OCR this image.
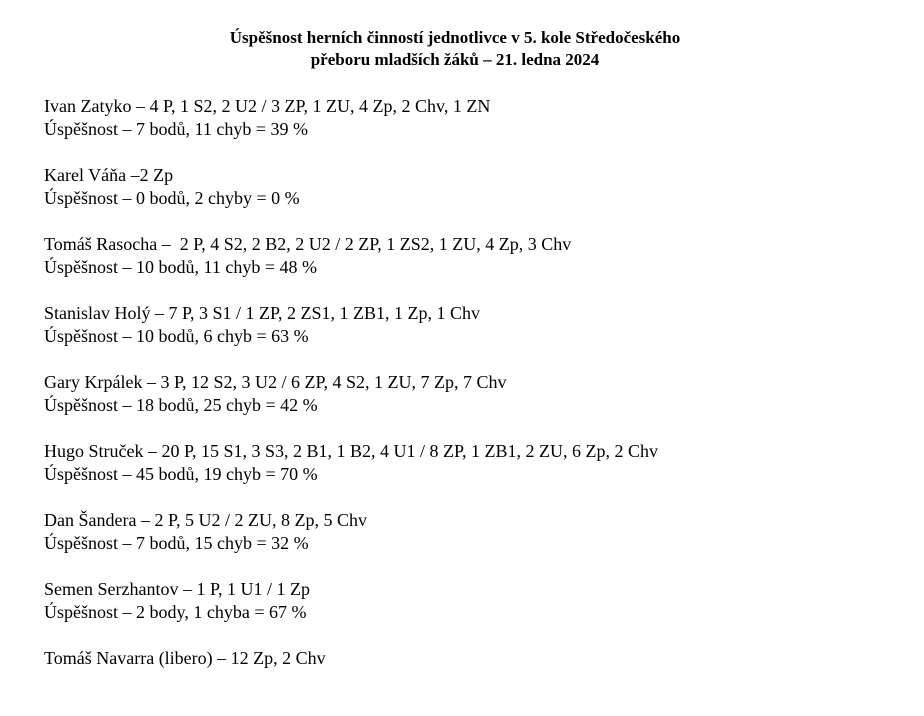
Úspěšnost herních činností jednotlivce v 5. kole Středočeského
přeboru mladších žáků – 21. ledna 2024
Ivan Zatyko – 4 P, 1 S2, 2 U2 / 3 ZP, 1 ZU, 4 Zp, 2 Chv, 1 ZN
Úspěšnost – 7 bodů, 11 chyb = 39 %
Karel Váňa –2 Zp
Úspěšnost – 0 bodů, 2 chyby = 0 %
Tomáš Rasocha –  2 P, 4 S2, 2 B2, 2 U2 / 2 ZP, 1 ZS2, 1 ZU, 4 Zp, 3 Chv
Úspěšnost – 10 bodů, 11 chyb = 48 %
Stanislav Holý – 7 P, 3 S1 / 1 ZP, 2 ZS1, 1 ZB1, 1 Zp, 1 Chv
Úspěšnost – 10 bodů, 6 chyb = 63 %
Gary Krpálek – 3 P, 12 S2, 3 U2 / 6 ZP, 4 S2, 1 ZU, 7 Zp, 7 Chv
Úspěšnost – 18 bodů, 25 chyb = 42 %
Hugo Struček – 20 P, 15 S1, 3 S3, 2 B1, 1 B2, 4 U1 / 8 ZP, 1 ZB1, 2 ZU, 6 Zp, 2 Chv
Úspěšnost – 45 bodů, 19 chyb = 70 %
Dan Šandera – 2 P, 5 U2 / 2 ZU, 8 Zp, 5 Chv
Úspěšnost – 7 bodů, 15 chyb = 32 %
Semen Serzhantov – 1 P, 1 U1 / 1 Zp
Úspěšnost – 2 body, 1 chyba = 67 %
Tomáš Navarra (libero) – 12 Zp, 2 Chv
